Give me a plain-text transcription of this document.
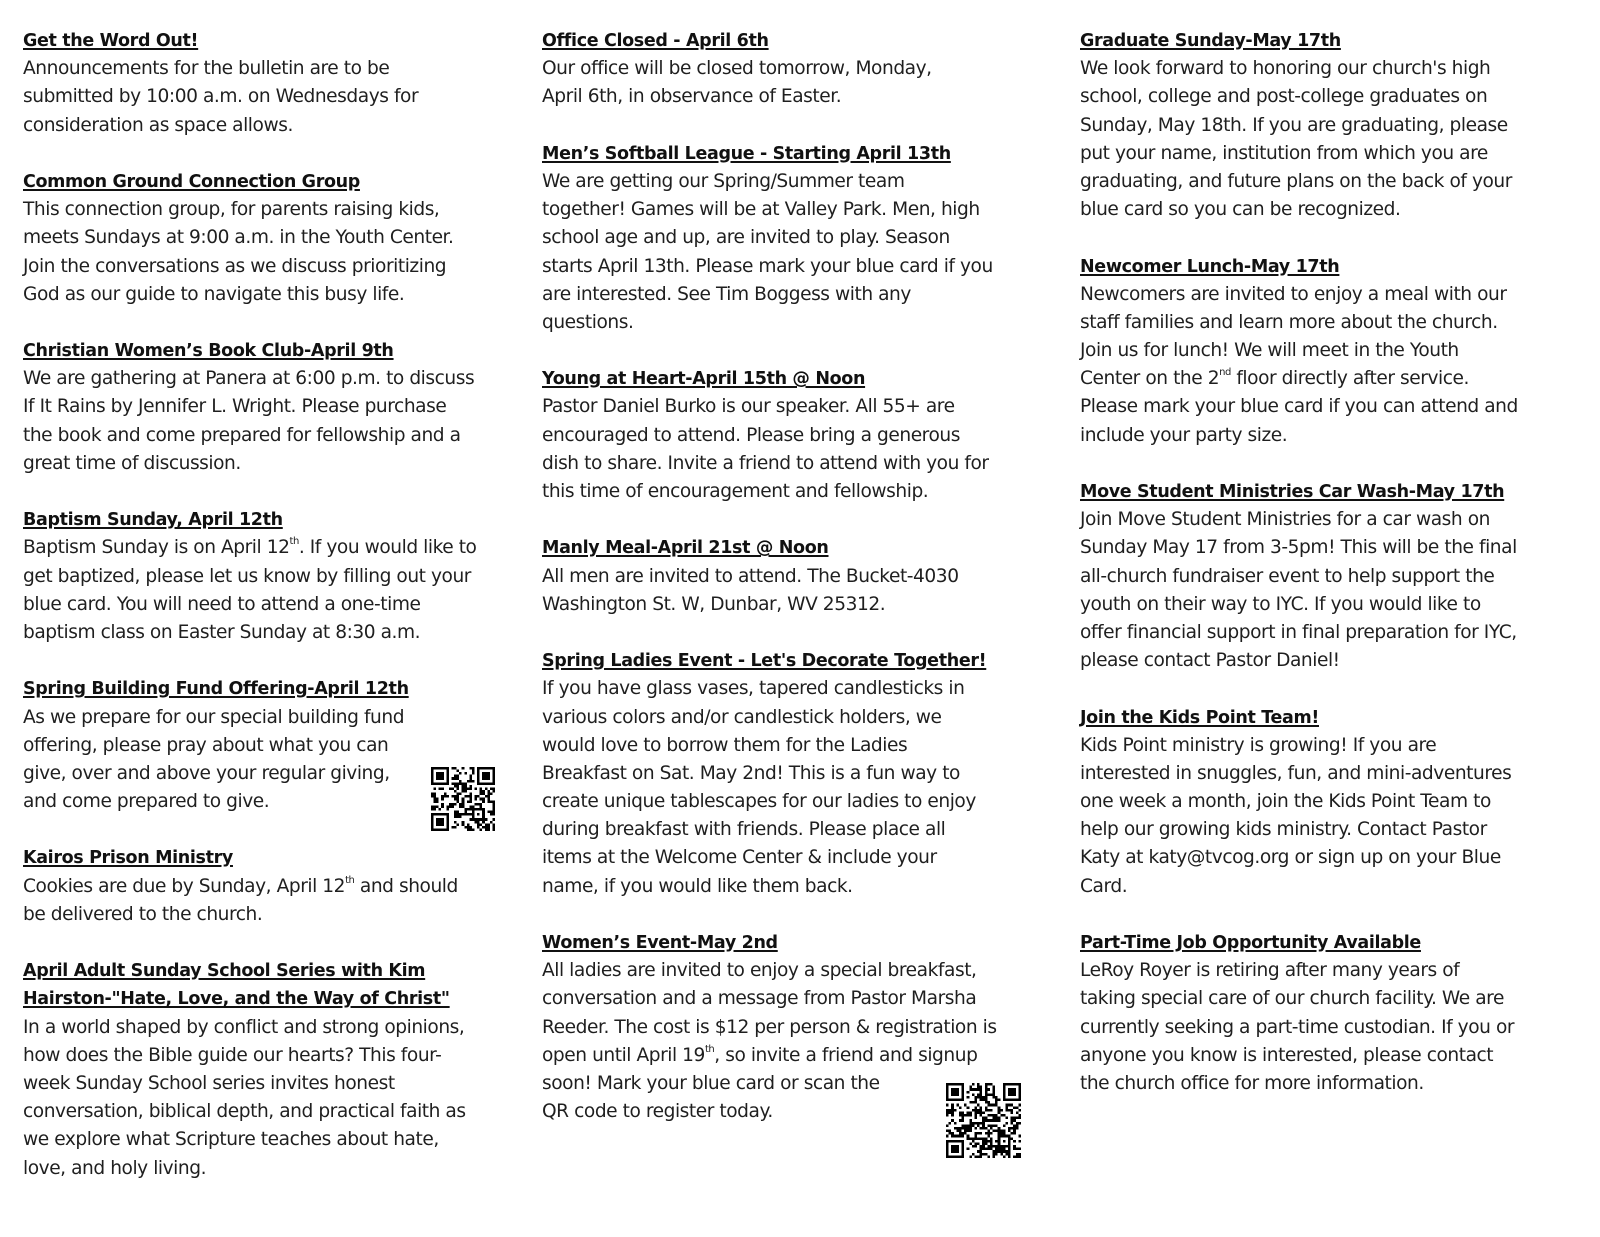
Get the Word Out!
Announcements for the bulletin are to be
submitted by 10:00 a.m. on Wednesdays for
consideration as space allows.
Common Ground Connection Group
This connection group, for parents raising kids,
meets Sundays at 9:00 a.m. in the Youth Center.
Join the conversations as we discuss prioritizing
God as our guide to navigate this busy life.
Christian Women’s Book Club-April 9th
We are gathering at Panera at 6:00 p.m. to discuss
If It Rains by Jennifer L. Wright. Please purchase
the book and come prepared for fellowship and a
great time of discussion.
Baptism Sunday, April 12th
Baptism Sunday is on April 12th. If you would like to
get baptized, please let us know by filling out your
blue card. You will need to attend a one-time
baptism class on Easter Sunday at 8:30 a.m.
Spring Building Fund Offering-April 12th
As we prepare for our special building fund
offering, please pray about what you can
give, over and above your regular giving,
and come prepared to give.
Kairos Prison Ministry
Cookies are due by Sunday, April 12th and should
be delivered to the church.
April Adult Sunday School Series with Kim
Hairston-"Hate, Love, and the Way of Christ"
In a world shaped by conflict and strong opinions,
how does the Bible guide our hearts? This four-
week Sunday School series invites honest
conversation, biblical depth, and practical faith as
we explore what Scripture teaches about hate,
love, and holy living.
Office Closed - April 6th
Our office will be closed tomorrow, Monday,
April 6th, in observance of Easter.
Men’s Softball League - Starting April 13th
We are getting our Spring/Summer team
together! Games will be at Valley Park. Men, high
school age and up, are invited to play. Season
starts April 13th. Please mark your blue card if you
are interested. See Tim Boggess with any
questions.
Young at Heart-April 15th @ Noon
Pastor Daniel Burko is our speaker. All 55+ are
encouraged to attend. Please bring a generous
dish to share. Invite a friend to attend with you for
this time of encouragement and fellowship.
Manly Meal-April 21st @ Noon
All men are invited to attend. The Bucket-4030
Washington St. W, Dunbar, WV 25312.
Spring Ladies Event - Let's Decorate Together!
If you have glass vases, tapered candlesticks in
various colors and/or candlestick holders, we
would love to borrow them for the Ladies
Breakfast on Sat. May 2nd! This is a fun way to
create unique tablescapes for our ladies to enjoy
during breakfast with friends. Please place all
items at the Welcome Center & include your
name, if you would like them back.
Women’s Event-May 2nd
All ladies are invited to enjoy a special breakfast,
conversation and a message from Pastor Marsha
Reeder. The cost is $12 per person & registration is
open until April 19th, so invite a friend and signup
soon! Mark your blue card or scan the
QR code to register today.
Graduate Sunday-May 17th
We look forward to honoring our church's high
school, college and post-college graduates on
Sunday, May 18th. If you are graduating, please
put your name, institution from which you are
graduating, and future plans on the back of your
blue card so you can be recognized.
Newcomer Lunch-May 17th
Newcomers are invited to enjoy a meal with our
staff families and learn more about the church.
Join us for lunch! We will meet in the Youth
Center on the 2nd floor directly after service.
Please mark your blue card if you can attend and
include your party size.
Move Student Ministries Car Wash-May 17th
Join Move Student Ministries for a car wash on
Sunday May 17 from 3-5pm! This will be the final
all-church fundraiser event to help support the
youth on their way to IYC. If you would like to
offer financial support in final preparation for IYC,
please contact Pastor Daniel!
Join the Kids Point Team!
Kids Point ministry is growing! If you are
interested in snuggles, fun, and mini-adventures
one week a month, join the Kids Point Team to
help our growing kids ministry. Contact Pastor
Katy at katy@tvcog.org or sign up on your Blue
Card.
Part-Time Job Opportunity Available
LeRoy Royer is retiring after many years of
taking special care of our church facility. We are
currently seeking a part-time custodian. If you or
anyone you know is interested, please contact
the church office for more information.
